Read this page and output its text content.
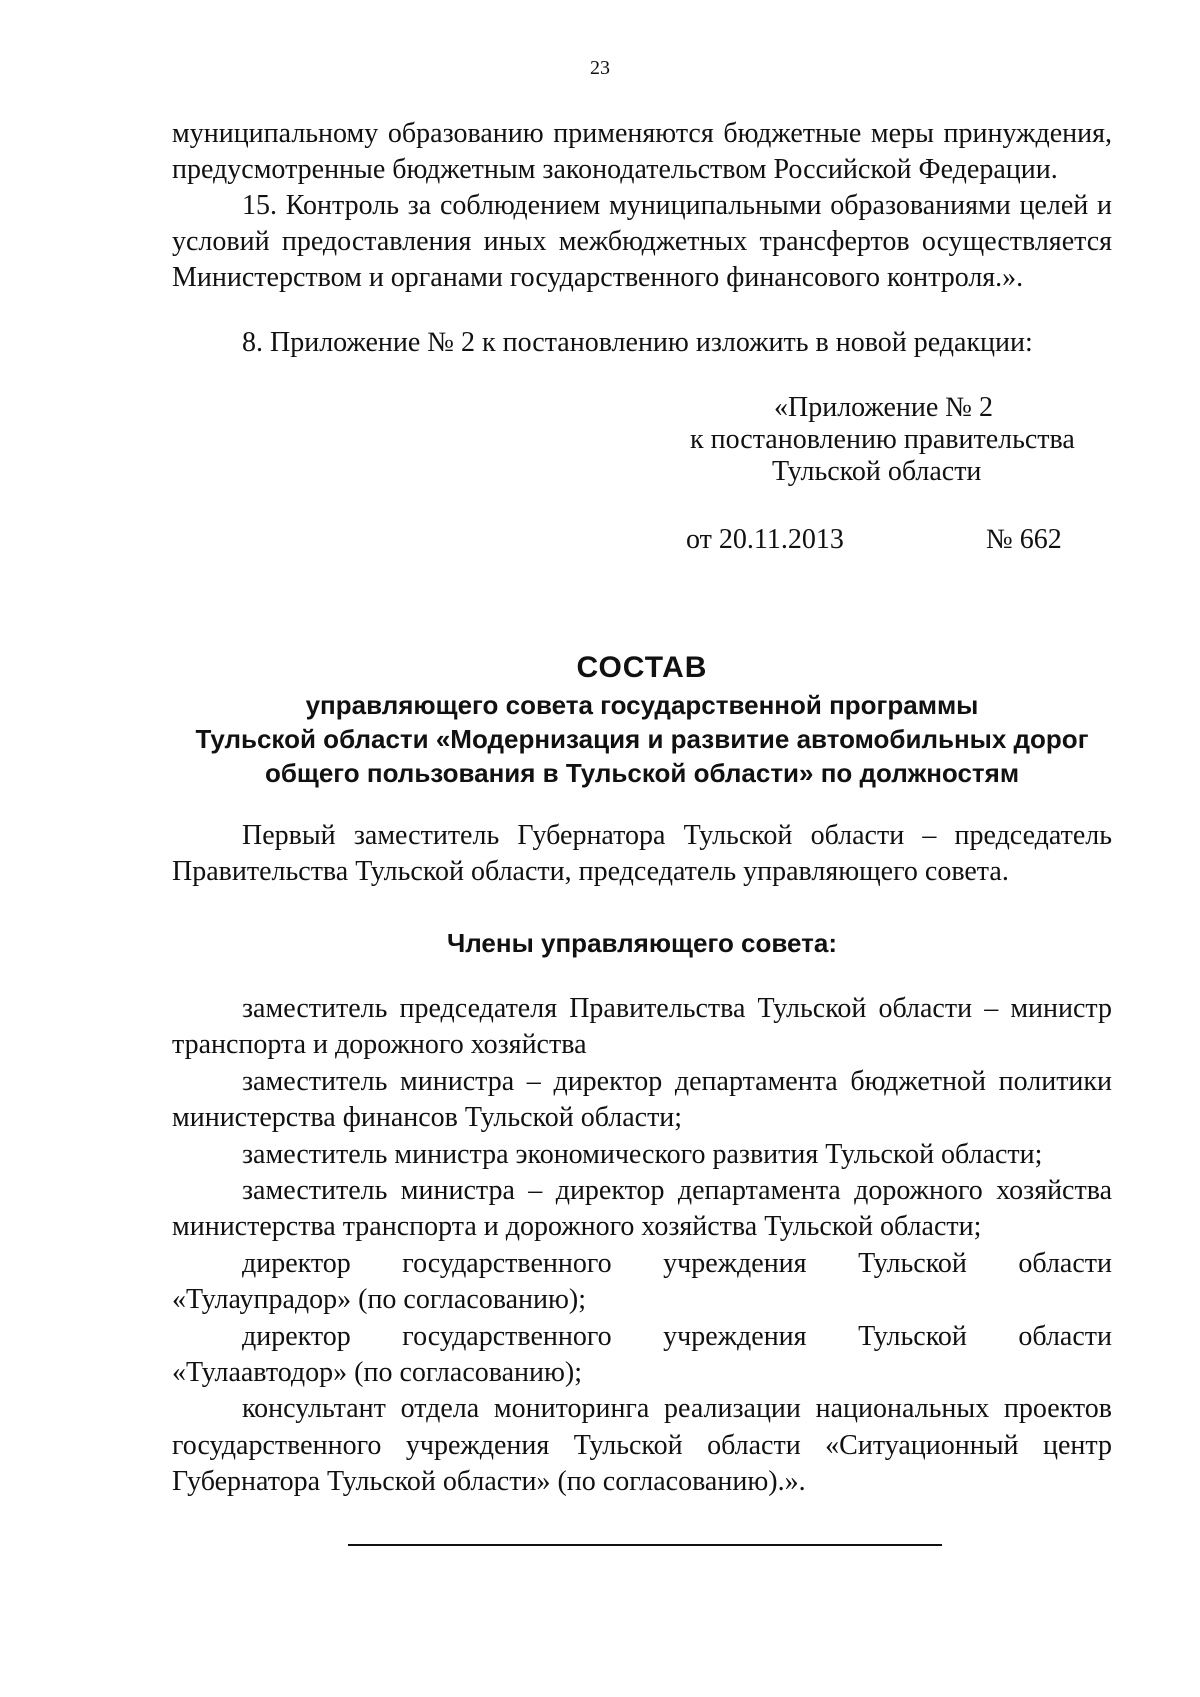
23

муниципальному образованию применяются бюджетные меры принуждения, предусмотренные бюджетным законодательством Российской Федерации.

15. Контроль за соблюдением муниципальными образованиями целей и условий предоставления иных межбюджетных трансфертов осуществляется Министерством и органами государственного финансового контроля.».

8. Приложение № 2 к постановлению изложить в новой редакции:

«Приложение № 2
к постановлению правительства
Тульской области
от 20.11.2013	№ 662
СОСТАВ
управляющего совета государственной программы
Тульской области «Модернизация и развитие автомобильных дорог
общего пользования в Тульской области» по должностям

Первый заместитель Губернатора Тульской области – председатель Правительства Тульской области, председатель управляющего совета.

Члены управляющего совета:

заместитель председателя Правительства Тульской области – министр транспорта и дорожного хозяйства

заместитель министра – директор департамента бюджетной политики министерства финансов Тульской области;

заместитель министра экономического развития Тульской области;

заместитель министра – директор департамента дорожного хозяйства министерства транспорта и дорожного хозяйства Тульской области;

директор государственного учреждения Тульской области «Тулаупрадор» (по согласованию);

директор государственного учреждения Тульской области «Тулаавтодор» (по согласованию);

консультант отдела мониторинга реализации национальных проектов государственного учреждения Тульской области «Ситуационный центр Губернатора Тульской области» (по согласованию).».
